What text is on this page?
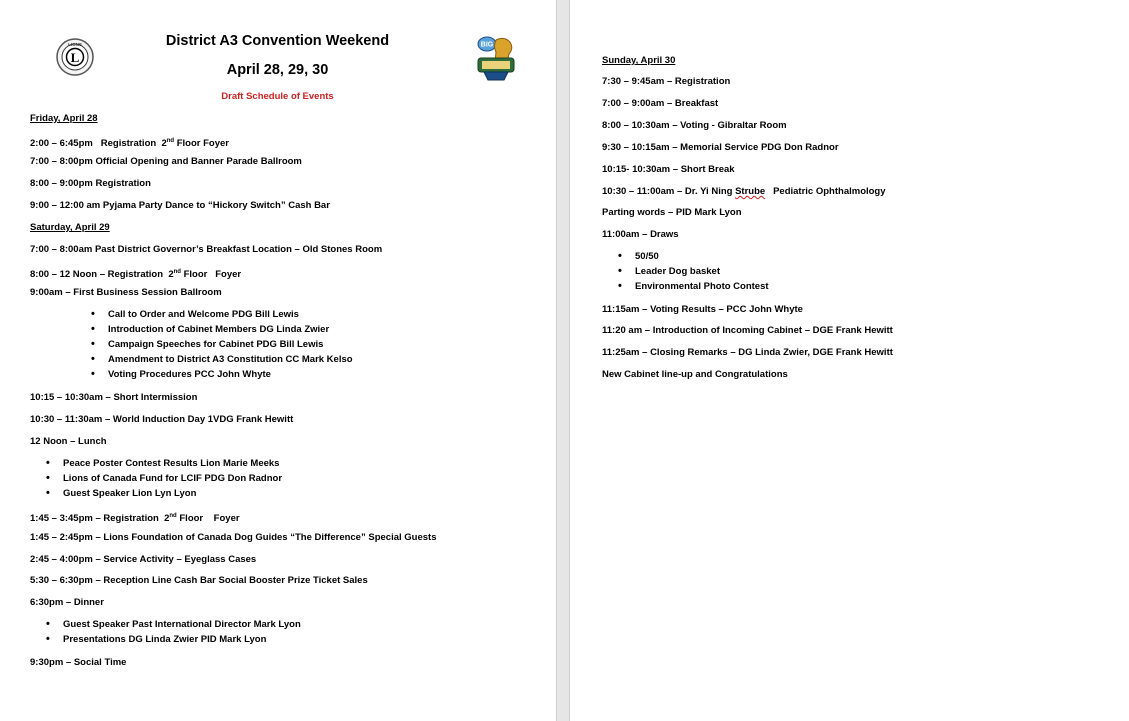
L
LIONS	District A3 Convention Weekend
April 28, 29, 30
Draft Schedule of Events
BIG
Friday, April 28
2:00 – 6:45pm   Registration  2nd Floor Foyer
7:00 – 8:00pm Official Opening and Banner Parade Ballroom
8:00 – 9:00pm Registration
9:00 – 12:00 am Pyjama Party Dance to “Hickory Switch” Cash Bar
Saturday, April 29
7:00 – 8:00am Past District Governor’s Breakfast Location – Old Stones Room
8:00 – 12 Noon – Registration  2nd Floor   Foyer
9:00am – First Business Session Ballroom
• Call to Order and Welcome PDG Bill Lewis
• Introduction of Cabinet Members DG Linda Zwier
• Campaign Speeches for Cabinet PDG Bill Lewis
• Amendment to District A3 Constitution CC Mark Kelso
• Voting Procedures PCC John Whyte
10:15 – 10:30am – Short Intermission
10:30 – 11:30am – World Induction Day 1VDG Frank Hewitt
12 Noon – Lunch
• Peace Poster Contest Results Lion Marie Meeks
• Lions of Canada Fund for LCIF PDG Don Radnor
• Guest Speaker Lion Lyn Lyon
1:45 – 3:45pm – Registration  2nd Floor    Foyer
1:45 – 2:45pm – Lions Foundation of Canada Dog Guides “The Difference” Special Guests
2:45 – 4:00pm – Service Activity – Eyeglass Cases
5:30 – 6:30pm – Reception Line Cash Bar Social Booster Prize Ticket Sales
6:30pm – Dinner
• Guest Speaker Past International Director Mark Lyon
• Presentations DG Linda Zwier PID Mark Lyon
9:30pm – Social Time
Sunday, April 30
7:30 – 9:45am – Registration
7:00 – 9:00am – Breakfast
8:00 – 10:30am – Voting - Gibraltar Room
9:30 – 10:15am – Memorial Service PDG Don Radnor
10:15- 10:30am – Short Break
10:30 – 11:00am – Dr. Yi Ning Strube   Pediatric Ophthalmology
Parting words – PID Mark Lyon
11:00am – Draws
• 50/50
• Leader Dog basket
• Environmental Photo Contest
11:15am – Voting Results – PCC John Whyte
11:20 am – Introduction of Incoming Cabinet – DGE Frank Hewitt
11:25am – Closing Remarks – DG Linda Zwier, DGE Frank Hewitt
New Cabinet line-up and Congratulations
